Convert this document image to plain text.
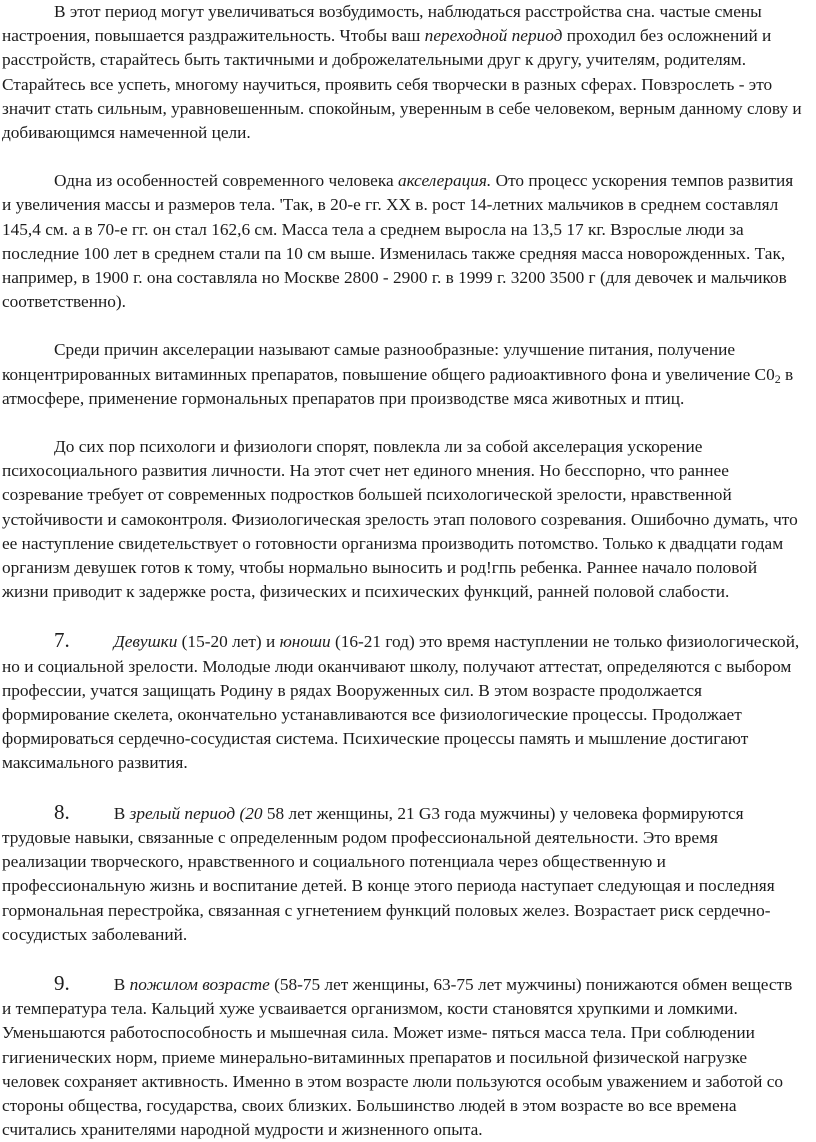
В этот период могут увеличиваться возбудимость, наблюдаться расстройства сна. частые смены настроения, повышается раздражительность. Чтобы ваш переходной период проходил без осложнений и расстройств, старайтесь быть тактичными и доброжелательными друг к другу, учителям, родителям. Старайтесь все успеть, многому научиться, проявить себя творчески в разных сферах. Повзрослеть - это значит стать сильным, уравновешенным. спокойным, уверенным в себе человеком, верным данному слову и добивающимся намеченной цели.

Одна из особенностей современного человека акселерация. Ото процесс ускорения темпов развития и увеличения массы и размеров тела. 'Так, в 20-е гг. XX в. рост 14-летних мальчиков в среднем составлял 145,4 см. а в 70-е гг. он стал 162,6 см. Масса тела а среднем выросла на 13,5 17 кг. Взрослые люди за последние 100 лет в среднем стали па 10 см выше. Изменилась также средняя масса новорожденных. Так, например, в 1900 г. она составляла но Москве 2800 - 2900 г. в 1999 г. 3200 3500 г (для девочек и мальчиков соответственно).

Среди причин акселерации называют самые разнообразные: улучшение питания, получение концентрированных витаминных препаратов, повышение общего радиоактивного фона и увеличение $С0_2$ в атмосфере, применение гормональных препаратов при производстве мяса животных и птиц.

До сих пор психологи и физиологи спорят, повлекла ли за собой акселерация ускорение психосоциального развития личности. На этот счет нет единого мнения. Но бесспорно, что раннее созревание требует от современных подростков большей психологической зрелости, нравственной устойчивости и самоконтроля. Физиологическая зрелость этап полового созревания. Ошибочно думать, что ее наступление свидетельствует о готовности организма производить потомство. Только к двадцати годам организм девушек готов к тому, чтобы нормально выносить и род!гпь ребенка. Раннее начало половой жизни приводит к задержке роста, физических и психических функций, ранней половой слабости.

7.	Девушки (15-20 лет) и юноши (16-21 год) это время наступлении не только физиологической, но и социальной зрелости. Молодые люди оканчивают школу, получают аттестат, определяются с выбором профессии, учатся защищать Родину в рядах Вооруженных сил. В этом возрасте продолжается формирование скелета, окончательно устанавливаются все физиологические процессы. Продолжает формироваться сердечно-сосудистая система. Психические процессы память и мышление достигают максимального развития.

8.	В зрелый период (20 58 лет женщины, 21 G3 года мужчины) у человека формируются трудовые навыки, связанные с определенным родом профессиональной деятельности. Это время реализации творческого, нравственного и социального потенциала через общественную и профессиональную жизнь и воспитание детей. В конце этого периода наступает следующая и последняя гормональная перестройка, связанная с угнетением функций половых желез. Возрастает риск сердечно-сосудистых заболеваний.

9.	В пожилом возрасте (58-75 лет женщины, 63-75 лет мужчины) понижаются обмен веществ и температура тела. Кальций хуже усваивается организмом, кости становятся хрупкими и ломкими. Уменьшаются работоспособность и мышечная сила. Может изме- пяться масса тела. При соблюдении гигиенических норм, приеме минерально-витаминных препаратов и посильной физической нагрузке человек сохраняет активность. Именно в этом возрасте люли пользуются особым уважением и заботой со стороны общества, государства, своих близких. Большинство людей в этом возрасте во все времена считались хранителями народной мудрости и жизненного опыта.
